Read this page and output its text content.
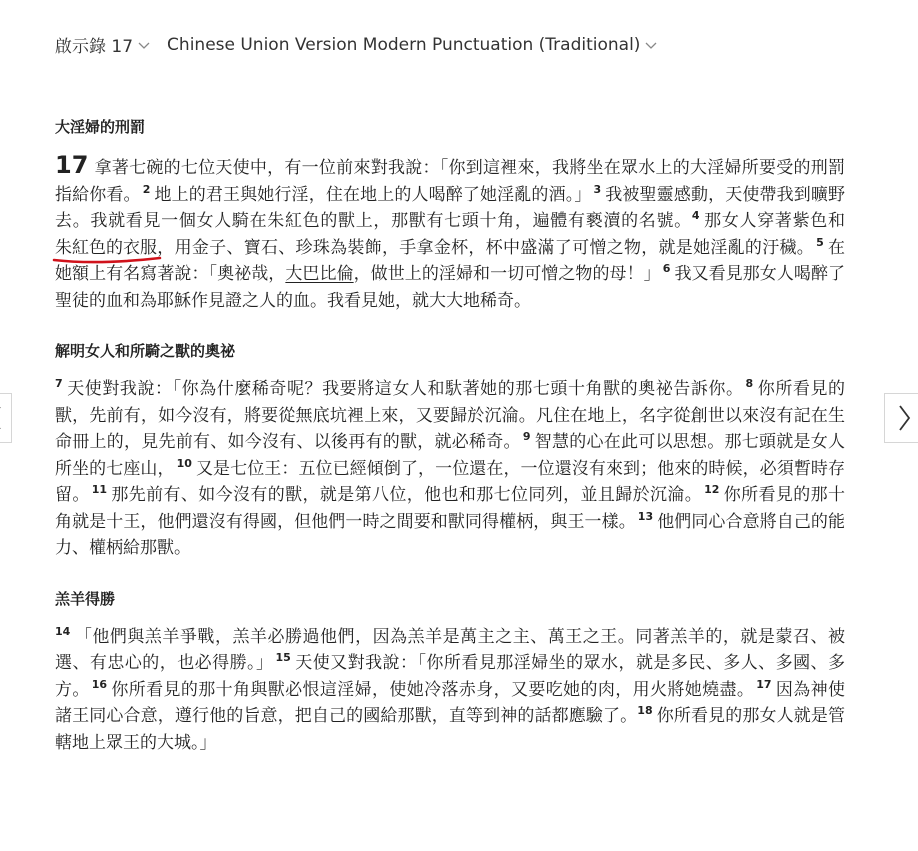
啟示錄 17 Chinese Union Version Modern Punctuation (Traditional)
大淫婦的刑罰

17 拿著七碗的七位天使中，有一位前來對我說：「你到這裡來，我將坐在眾水上的大淫婦所要受的刑罰指給你看。 $^2$ 地上的君王與她行淫，住在地上的人喝醉了她淫亂的酒。」 $^3$ 我被聖靈感動，天使帶我到曠野去。我就看見一個女人騎在朱紅色的獸上，那獸有七頭十角，遍體有褻瀆的名號。$^4$ 那女人穿著紫色和朱紅色的衣服
，用金子、寶石、珍珠為裝飾，手拿金杯，杯中盛滿了可憎之物，就是她淫亂的汙穢。 $^5$ 在她額上有名寫著說：「奧祕哉，大巴比倫，做世上的淫婦和一切可憎之物的母！」 $^6$ 我又看見那女人喝醉了聖徒的血和為耶穌作見證之人的血。我看見她，就大大地稀奇。

解明女人和所騎之獸的奧祕

$^7$ 天使對我說：「你為什麼稀奇呢？我要將這女人和馱著她的那七頭十角獸的奧祕告訴你。 $^8$ 你所看見的獸，先前有，如今沒有，將要從無底坑裡上來，又要歸於沉淪。凡住在地上，名字從創世以來沒有記在生命冊上的，見先前有、如今沒有、以後再有的獸，就必稀奇。 $^9$ 智慧的心在此可以思想。那七頭就是女人所坐的七座山， $^{10}$ 又是七位王：五位已經傾倒了，一位還在，一位還沒有來到；他來的時候，必須暫時存留。 $^{11}$ 那先前有、如今沒有的獸，就是第八位，他也和那七位同列，並且歸於沉淪。 $^{12}$ 你所看見的那十角就是十王，他們還沒有得國，但他們一時之間要和獸同得權柄，與王一樣。 $^{13}$ 他們同心合意將自己的能力、權柄給那獸。

羔羊得勝

$^{14}$ 「他們與羔羊爭戰，羔羊必勝過他們，因為羔羊是萬主之主、萬王之王。同著羔羊的，就是蒙召、被選、有忠心的，也必得勝。」 $^{15}$ 天使又對我說：「你所看見那淫婦坐的眾水，就是多民、多人、多國、多方。 $^{16}$ 你所看見的那十角與獸必恨這淫婦，使她冷落赤身，又要吃她的肉，用火將她燒盡。 $^{17}$ 因為神使諸王同心合意，遵行他的旨意，把自己的國給那獸，直等到神的話都應驗了。$^{18}$ 你所看見的那女人就是管轄地上眾王的大城。」
